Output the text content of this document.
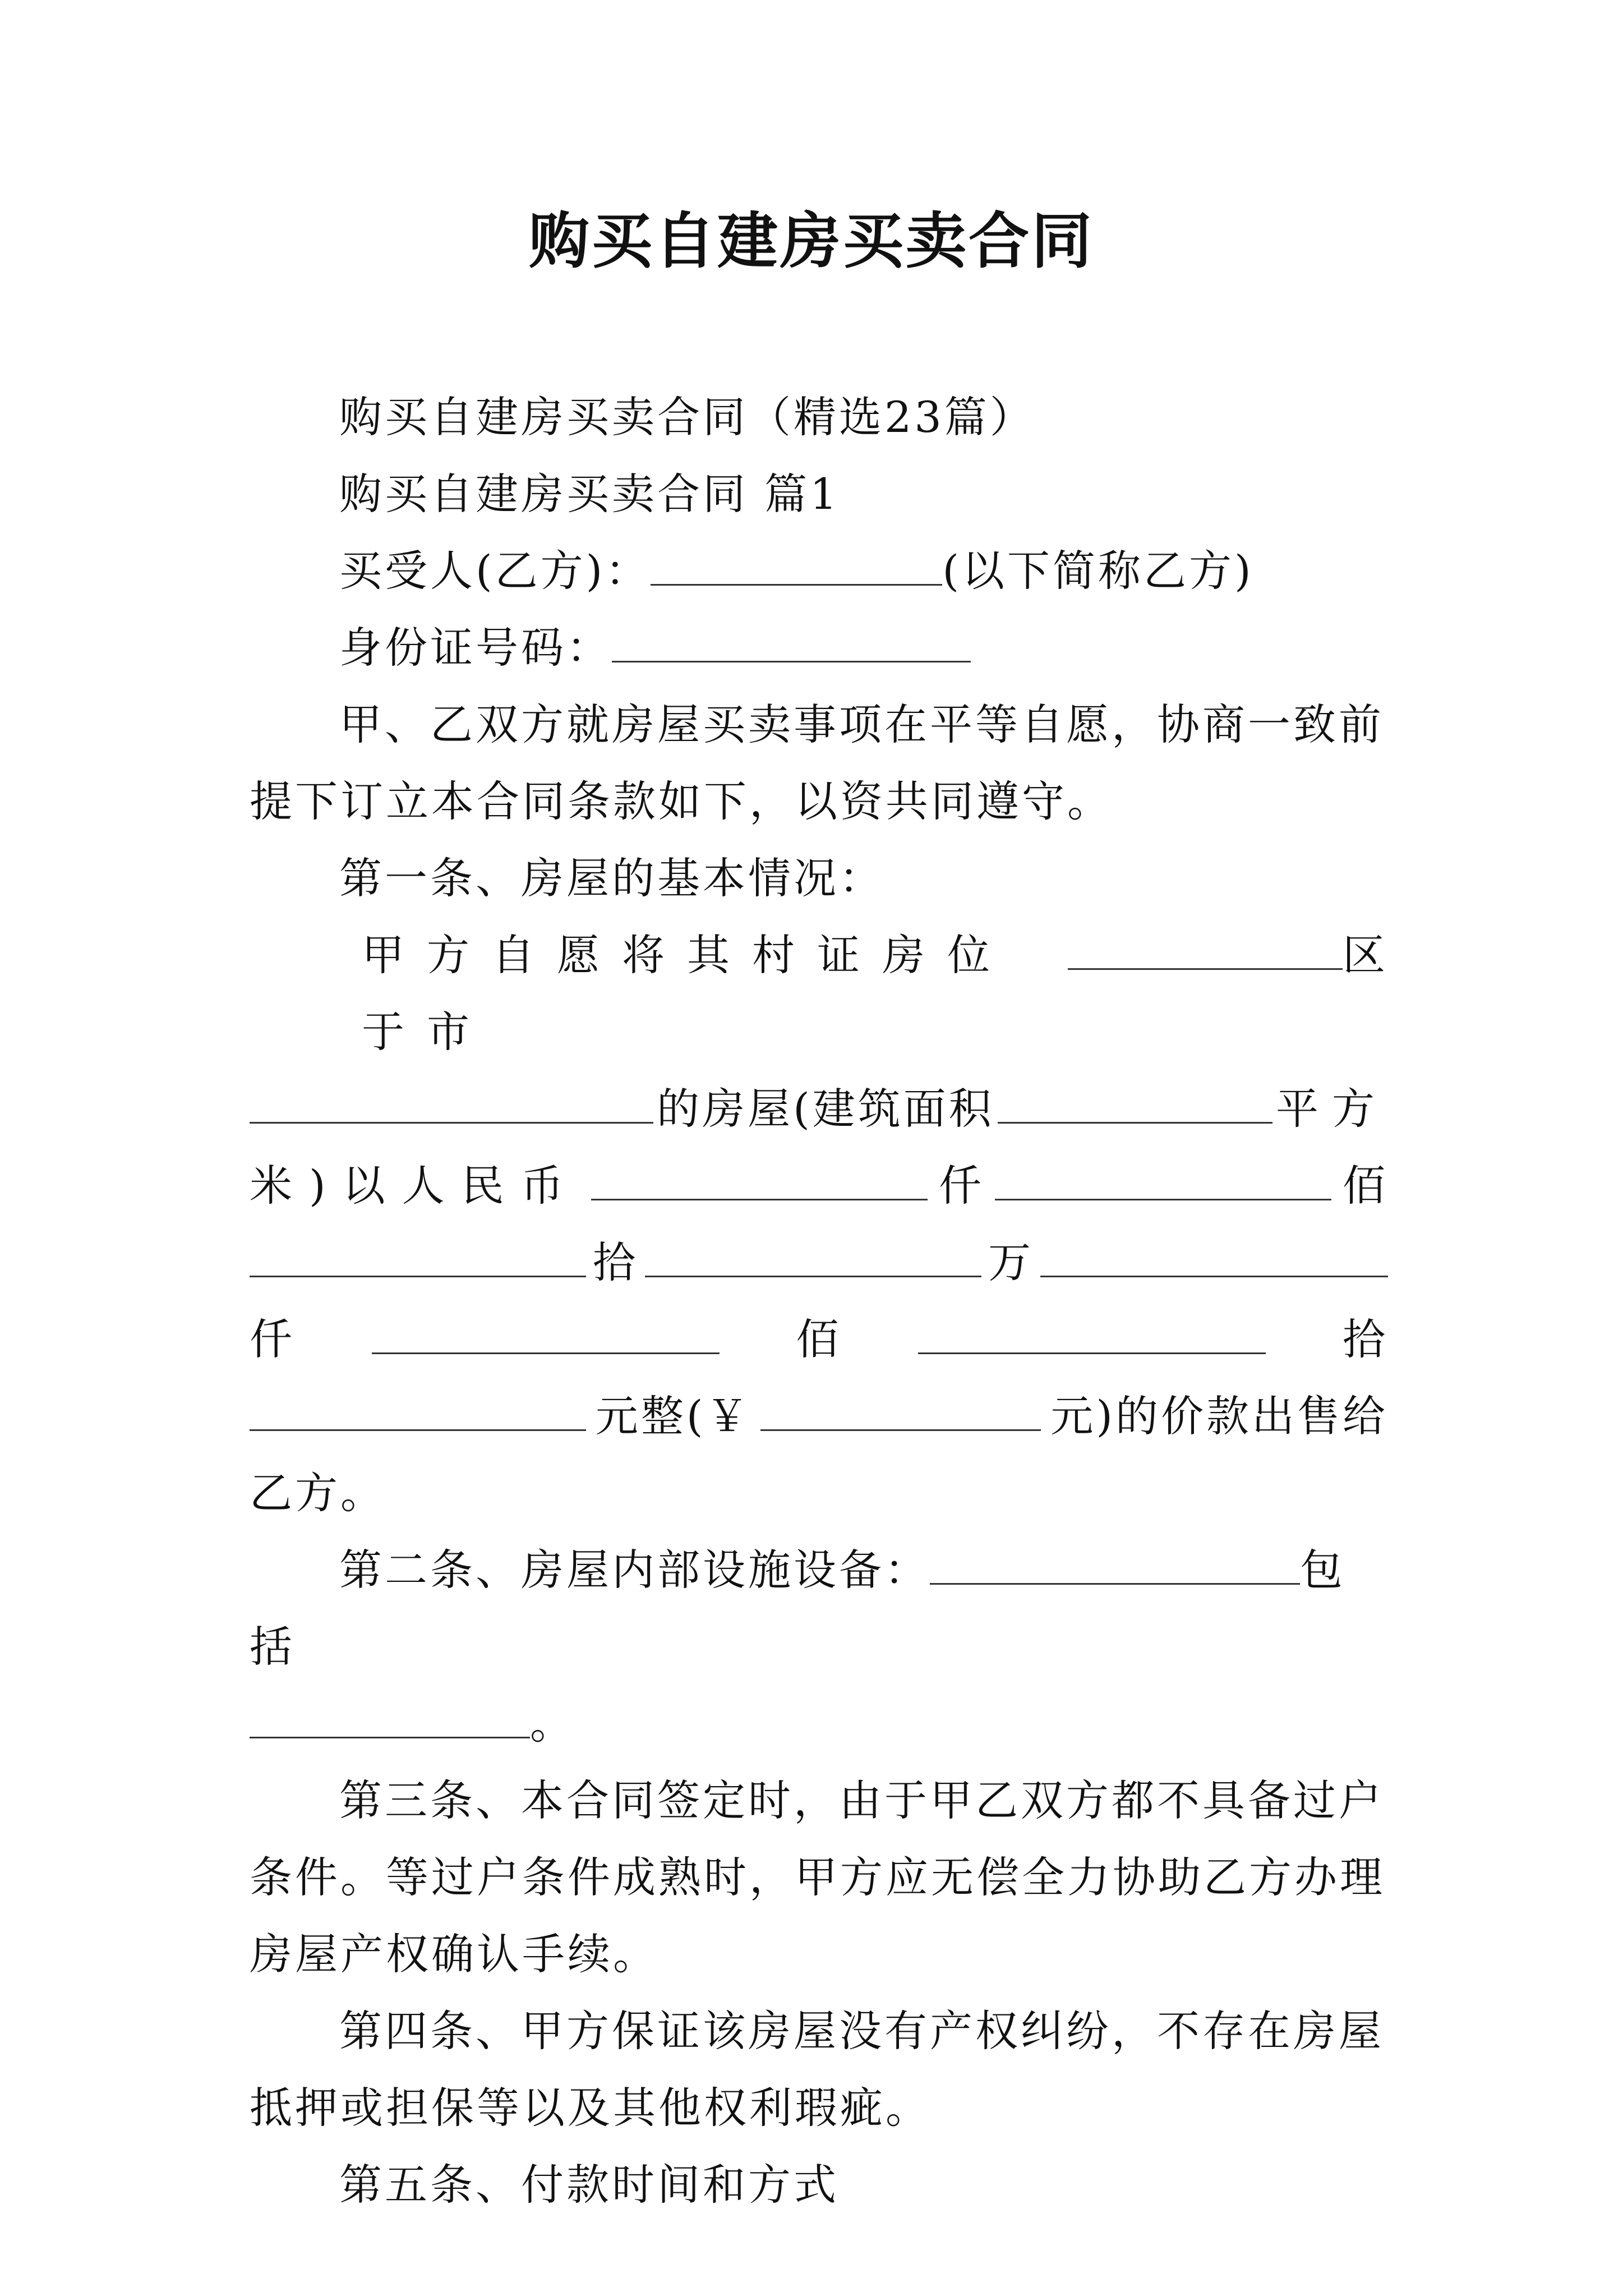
购买自建房买卖合同

购买自建房买卖合同（精选23篇）

购买自建房买卖合同 篇1

买受人(乙方)：	(以下简称乙方)

身份证号码：

甲、乙双方就房屋买卖事项在平等自愿，协商一致前提下订立本合同条款如下，以资共同遵守。

第一条、房屋的基本情况：

甲方自愿将其村证房位于市
区
的房屋(建筑面积	平方
米)以人民币	仟	佰
拾	万
仟	佰	拾
元整(￥	元)的价款出售给

乙方。

第二条、房屋内部设施设备：	包括

。

第三条、本合同签定时，由于甲乙双方都不具备过户条件。等过户条件成熟时，甲方应无偿全力协助乙方办理房屋产权确认手续。

第四条、甲方保证该房屋没有产权纠纷，不存在房屋抵押或担保等以及其他权利瑕疵。

第五条、付款时间和方式
